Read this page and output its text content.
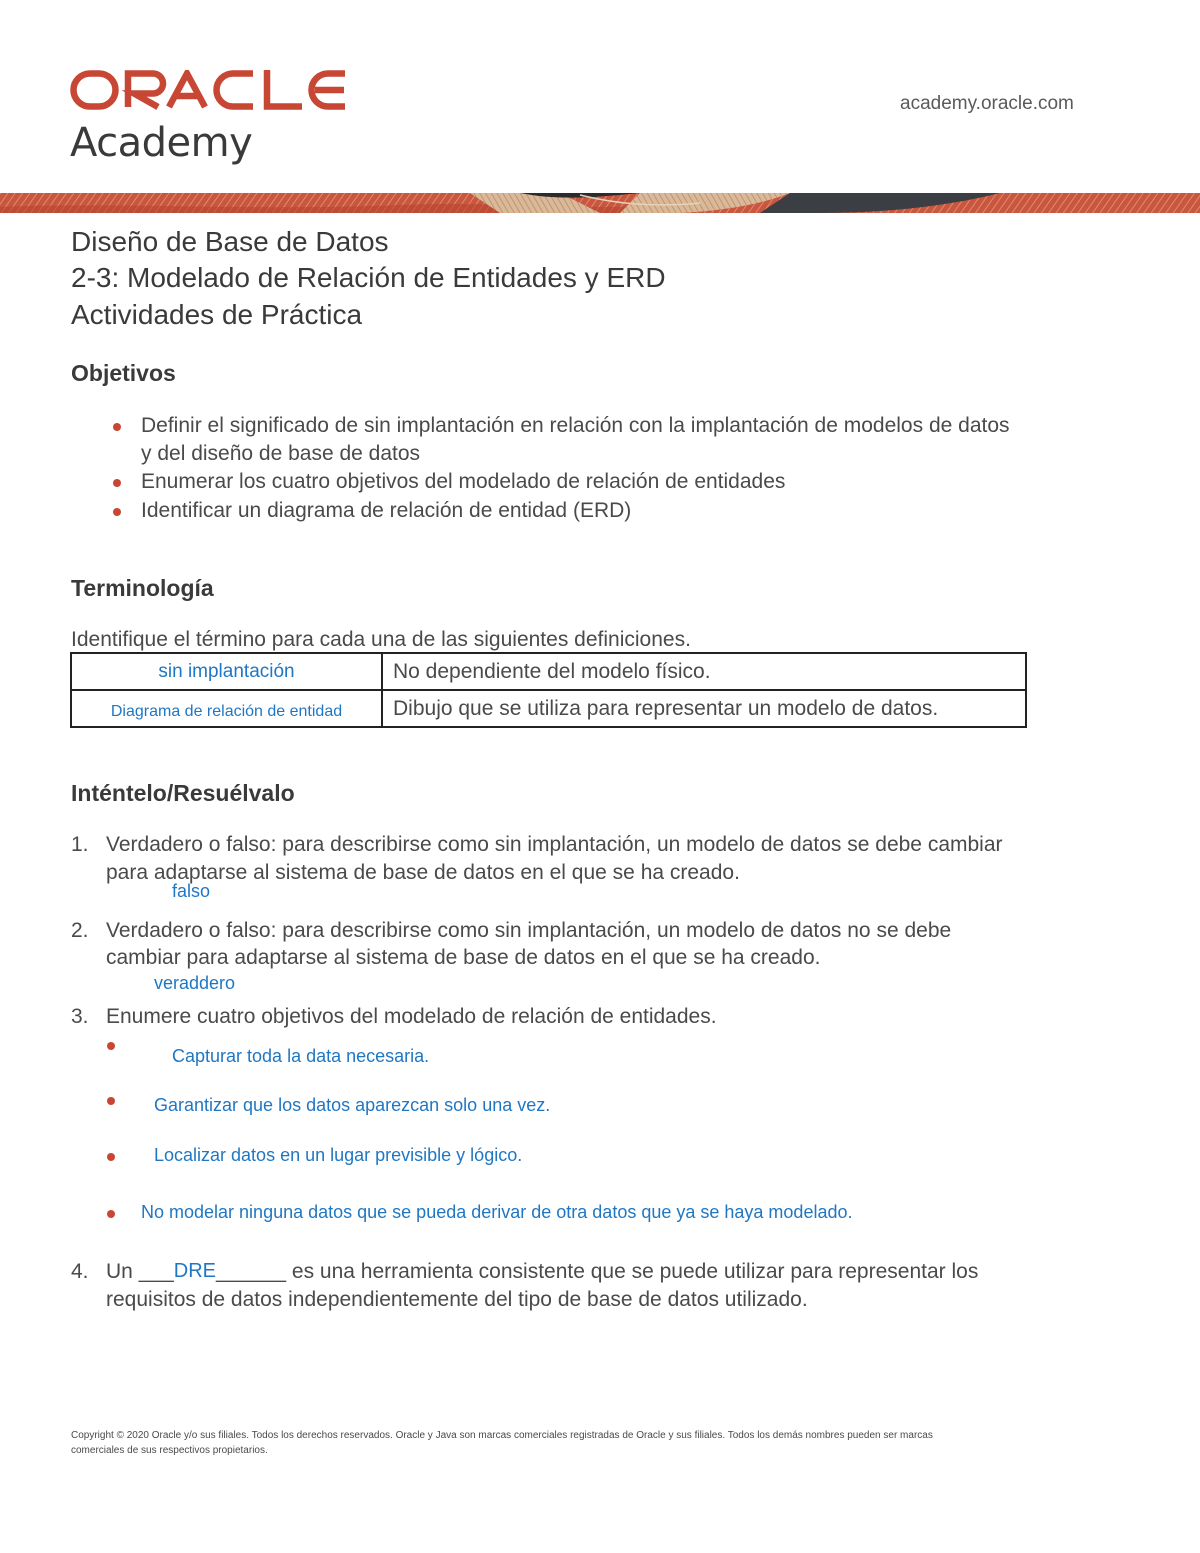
Academy
academy.oracle.com
Diseño de Base de Datos
2-3: Modelado de Relación de Entidades y ERD
Actividades de Práctica
Objetivos
Definir el significado de sin implantación en relación con la implantación de modelos de datos
y del diseño de base de datos
Enumerar los cuatro objetivos del modelado de relación de entidades
Identificar un diagrama de relación de entidad (ERD)
Terminología
Identifique el término para cada una de las siguientes definiciones.
sin implantación	No dependiente del modelo físico.
Diagrama de relación de entidad	Dibujo que se utiliza para representar un modelo de datos.
Inténtelo/Resuélvalo
1. Verdadero o falso: para describirse como sin implantación, un modelo de datos se debe cambiar
para adaptarse al sistema de base de datos en el que se ha creado.
falso
2. Verdadero o falso: para describirse como sin implantación, un modelo de datos no se debe
cambiar para adaptarse al sistema de base de datos en el que se ha creado.
veraddero
3. Enumere cuatro objetivos del modelado de relación de entidades.
Capturar toda la data necesaria.
Garantizar que los datos aparezcan solo una vez.
Localizar datos en un lugar previsible y lógico.
No modelar ninguna datos que se pueda derivar de otra datos que ya se haya modelado.
4. Un ___DRE______ es una herramienta consistente que se puede utilizar para representar los
requisitos de datos independientemente del tipo de base de datos utilizado.
Copyright © 2020 Oracle y/o sus filiales. Todos los derechos reservados. Oracle y Java son marcas comerciales registradas de Oracle y sus filiales. Todos los demás nombres pueden ser marcas
comerciales de sus respectivos propietarios.
